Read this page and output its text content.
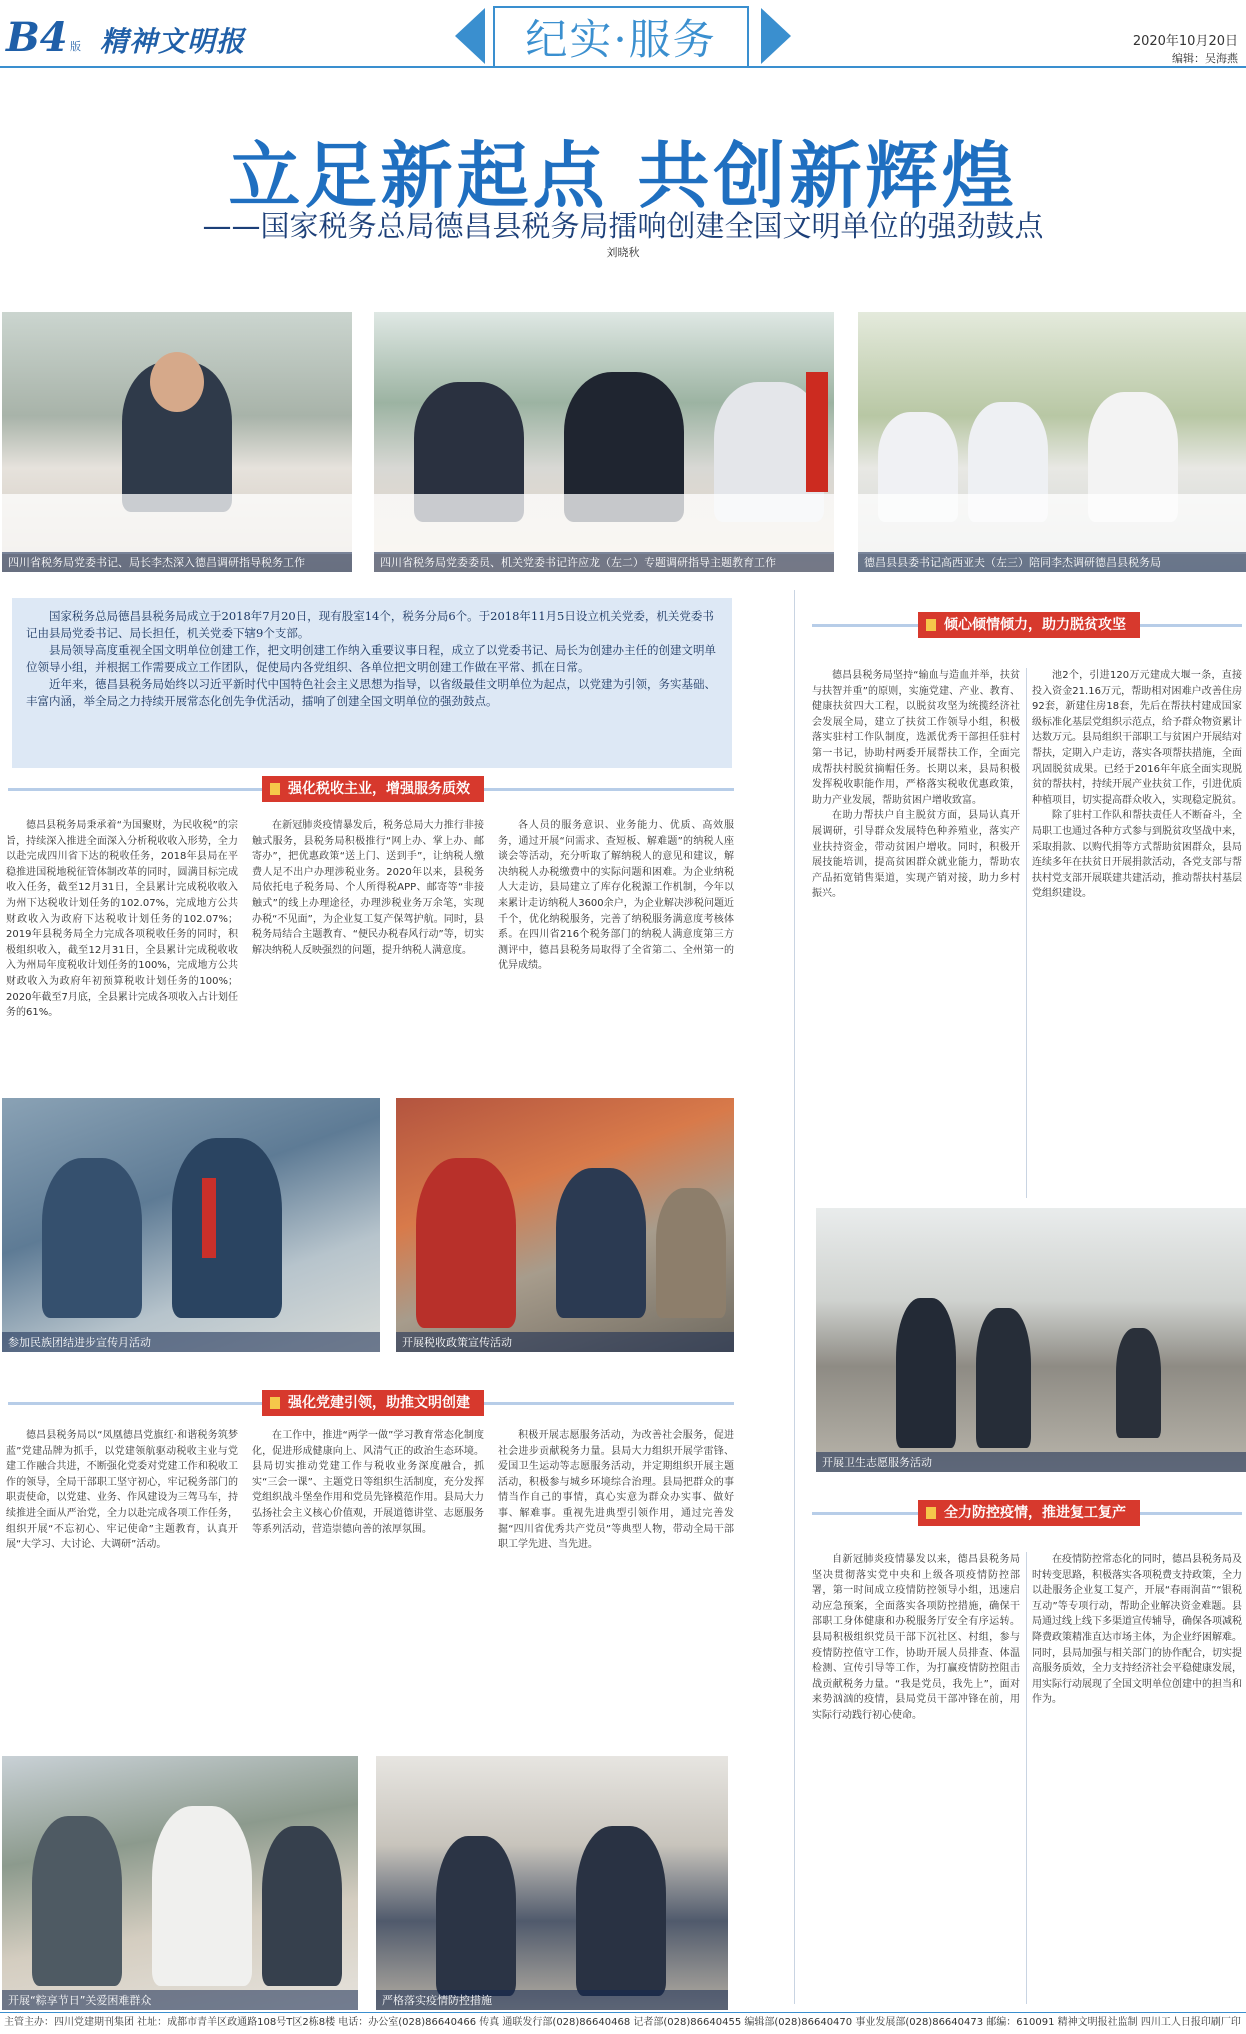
B4 版 精神文明报	纪实·服务	2020年10月20日
编辑：吴海燕
立足新起点 共创新辉煌
——国家税务总局德昌县税务局擂响创建全国文明单位的强劲鼓点
刘晓秋
四川省税务局党委书记、局长李杰深入德昌调研指导税务工作	四川省税务局党委委员、机关党委书记许应龙（左二）专题调研指导主题教育工作	德昌县县委书记高西亚夫（左三）陪同李杰调研德昌县税务局

国家税务总局德昌县税务局成立于2018年7月20日，现有股室14个，税务分局6个。于2018年11月5日设立机关党委，机关党委书记由县局党委书记、局长担任，机关党委下辖9个支部。

县局领导高度重视全国文明单位创建工作，把文明创建工作纳入重要议事日程，成立了以党委书记、局长为创建办主任的创建文明单位领导小组，并根据工作需要成立工作团队，促使局内各党组织、各单位把文明创建工作做在平常、抓在日常。

近年来，德昌县税务局始终以习近平新时代中国特色社会主义思想为指导，以省级最佳文明单位为起点，以党建为引领，务实基础、丰富内涵，举全局之力持续开展常态化创先争优活动，擂响了创建全国文明单位的强劲鼓点。

强化税收主业，增强服务质效
倾心倾情倾力，助力脱贫攻坚
强化党建引领，助推文明创建
全力防控疫情，推进复工复产

德昌县税务局秉承着“为国聚财，为民收税”的宗旨，持续深入推进全面深入分析税收收入形势，全力以赴完成四川省下达的税收任务，2018年县局在平稳推进国税地税征管体制改革的同时，圆满目标完成收入任务，截至12月31日，全县累计完成税收收入为州下达税收计划任务的102.07%，完成地方公共财政收入为政府下达税收计划任务的102.07%；2019年县税务局全力完成各项税收任务的同时，积极组织收入，截至12月31日，全县累计完成税收收入为州局年度税收计划任务的100%，完成地方公共财政收入为政府年初预算税收计划任务的100%；2020年截至7月底，全县累计完成各项收入占计划任务的61%。

在新冠肺炎疫情暴发后，税务总局大力推行非接触式服务，县税务局积极推行“网上办、掌上办、邮寄办”，把优惠政策“送上门、送到手”，让纳税人缴费人足不出户办理涉税业务。2020年以来，县税务局依托电子税务局、个人所得税APP、邮寄等“非接触式”的线上办理途径，办理涉税业务万余笔，实现办税“不见面”，为企业复工复产保驾护航。同时，县税务局结合主题教育、“便民办税春风行动”等，切实解决纳税人反映强烈的问题，提升纳税人满意度。

各人员的服务意识、业务能力、优质、高效服务，通过开展“问需求、查短板、解难题”的纳税人座谈会等活动，充分听取了解纳税人的意见和建议，解决纳税人办税缴费中的实际问题和困难。为企业纳税人大走访，县局建立了库存化税源工作机制，今年以来累计走访纳税人3600余户，为企业解决涉税问题近千个，优化纳税服务，完善了纳税服务满意度考核体系。在四川省216个税务部门的纳税人满意度第三方测评中，德昌县税务局取得了全省第二、全州第一的优异成绩。

德昌县税务局坚持“输血与造血并举，扶贫与扶智并重”的原则，实施党建、产业、教育、健康扶贫四大工程，以脱贫攻坚为统揽经济社会发展全局，建立了扶贫工作领导小组，积极落实驻村工作队制度，选派优秀干部担任驻村第一书记，协助村两委开展帮扶工作，全面完成帮扶村脱贫摘帽任务。长期以来，县局积极发挥税收职能作用，严格落实税收优惠政策，助力产业发展，帮助贫困户增收致富。

在助力帮扶户自主脱贫方面，县局认真开展调研，引导群众发展特色种养殖业，落实产业扶持资金，带动贫困户增收。同时，积极开展技能培训，提高贫困群众就业能力，帮助农产品拓宽销售渠道，实现产销对接，助力乡村振兴。

池2个，引进120万元建成大堰一条，直接投入资金21.16万元，帮助相对困难户改善住房92套，新建住房18套，先后在帮扶村建成国家级标准化基层党组织示范点，给予群众物资累计达数万元。县局组织干部职工与贫困户开展结对帮扶，定期入户走访，落实各项帮扶措施，全面巩固脱贫成果。已经于2016年年底全面实现脱贫的帮扶村，持续开展产业扶贫工作，引进优质种植项目，切实提高群众收入，实现稳定脱贫。

除了驻村工作队和帮扶责任人不断奋斗，全局职工也通过各种方式参与到脱贫攻坚战中来，采取捐款、以购代捐等方式帮助贫困群众，县局连续多年在扶贫日开展捐款活动，各党支部与帮扶村党支部开展联建共建活动，推动帮扶村基层党组织建设。

参加民族团结进步宣传月活动	开展税收政策宣传活动
开展卫生志愿服务活动

德昌县税务局以“凤凰德昌党旗红·和谐税务筑梦蓝”党建品牌为抓手，以党建领航驱动税收主业与党建工作融合共进，不断强化党委对党建工作和税收工作的领导，全局干部职工坚守初心，牢记税务部门的职责使命，以党建、业务、作风建设为三驾马车，持续推进全面从严治党，全力以赴完成各项工作任务，组织开展“不忘初心、牢记使命”主题教育，认真开展“大学习、大讨论、大调研”活动。

在工作中，推进“两学一做”学习教育常态化制度化，促进形成健康向上、风清气正的政治生态环境。县局切实推动党建工作与税收业务深度融合，抓实“三会一课”、主题党日等组织生活制度，充分发挥党组织战斗堡垒作用和党员先锋模范作用。县局大力弘扬社会主义核心价值观，开展道德讲堂、志愿服务等系列活动，营造崇德向善的浓厚氛围。

积极开展志愿服务活动，为改善社会服务，促进社会进步贡献税务力量。县局大力组织开展学雷锋、爱国卫生运动等志愿服务活动，并定期组织开展主题活动，积极参与城乡环境综合治理。县局把群众的事情当作自己的事情，真心实意为群众办实事、做好事、解难事。重视先进典型引领作用，通过完善发掘“四川省优秀共产党员”等典型人物，带动全局干部职工学先进、当先进。

自新冠肺炎疫情暴发以来，德昌县税务局坚决贯彻落实党中央和上级各项疫情防控部署，第一时间成立疫情防控领导小组，迅速启动应急预案，全面落实各项防控措施，确保干部职工身体健康和办税服务厅安全有序运转。县局积极组织党员干部下沉社区、村组，参与疫情防控值守工作，协助开展人员排查、体温检测、宣传引导等工作，为打赢疫情防控阻击战贡献税务力量。“我是党员，我先上”，面对来势汹汹的疫情，县局党员干部冲锋在前，用实际行动践行初心使命。

在疫情防控常态化的同时，德昌县税务局及时转变思路，积极落实各项税费支持政策，全力以赴服务企业复工复产，开展“春雨润苗”“银税互动”等专项行动，帮助企业解决资金难题。县局通过线上线下多渠道宣传辅导，确保各项减税降费政策精准直达市场主体，为企业纾困解难。同时，县局加强与相关部门的协作配合，切实提高服务质效，全力支持经济社会平稳健康发展，用实际行动展现了全国文明单位创建中的担当和作为。

开展“粽享节日”关爱困难群众	严格落实疫情防控措施
主管主办：四川党建期刊集团 社址：成都市青羊区政通路108号T区2栋8楼 电话：办公室(028)86640466 传真 通联发行部(028)86640468 记者部(028)86640455 编辑部(028)86640470 事业发展部(028)86640473 邮编：610091 精神文明报社监制 四川工人日报印刷厂印
